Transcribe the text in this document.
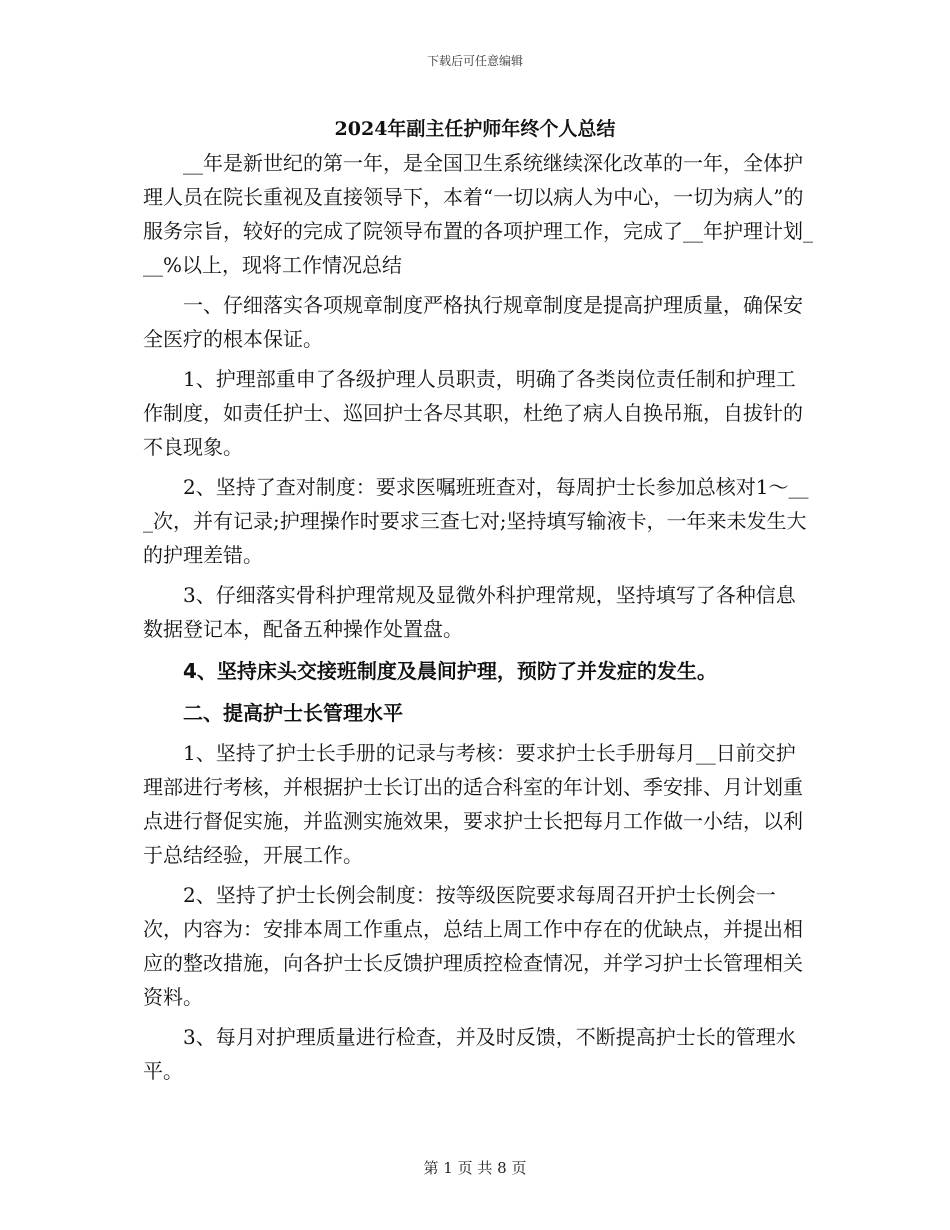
下载后可任意编辑
2024年副主任护师年终个人总结

__年是新世纪的第一年，是全国卫生系统继续深化改革的一年，全体护理人员在院长重视及直接领导下，本着“一切以病人为中心，一切为病人”的服务宗旨，较好的完成了院领导布置的各项护理工作，完成了__年护理计划___%以上，现将工作情况总结

一、仔细落实各项规章制度严格执行规章制度是提高护理质量，确保安全医疗的根本保证。

1、护理部重申了各级护理人员职责，明确了各类岗位责任制和护理工作制度，如责任护士、巡回护士各尽其职，杜绝了病人自换吊瓶，自拔针的不良现象。

2、坚持了查对制度：要求医嘱班班查对，每周护士长参加总核对1～___次，并有记录;护理操作时要求三查七对;坚持填写输液卡，一年来未发生大的护理差错。

3、仔细落实骨科护理常规及显微外科护理常规，坚持填写了各种信息数据登记本，配备五种操作处置盘。

4、坚持床头交接班制度及晨间护理，预防了并发症的发生。

二、提高护士长管理水平

1、坚持了护士长手册的记录与考核：要求护士长手册每月__日前交护理部进行考核，并根据护士长订出的适合科室的年计划、季安排、月计划重点进行督促实施，并监测实施效果，要求护士长把每月工作做一小结，以利于总结经验，开展工作。

2、坚持了护士长例会制度：按等级医院要求每周召开护士长例会一次，内容为：安排本周工作重点，总结上周工作中存在的优缺点，并提出相应的整改措施，向各护士长反馈护理质控检查情况，并学习护士长管理相关资料。

3、每月对护理质量进行检查，并及时反馈，不断提高护士长的管理水平。

第 1 页 共 8 页
